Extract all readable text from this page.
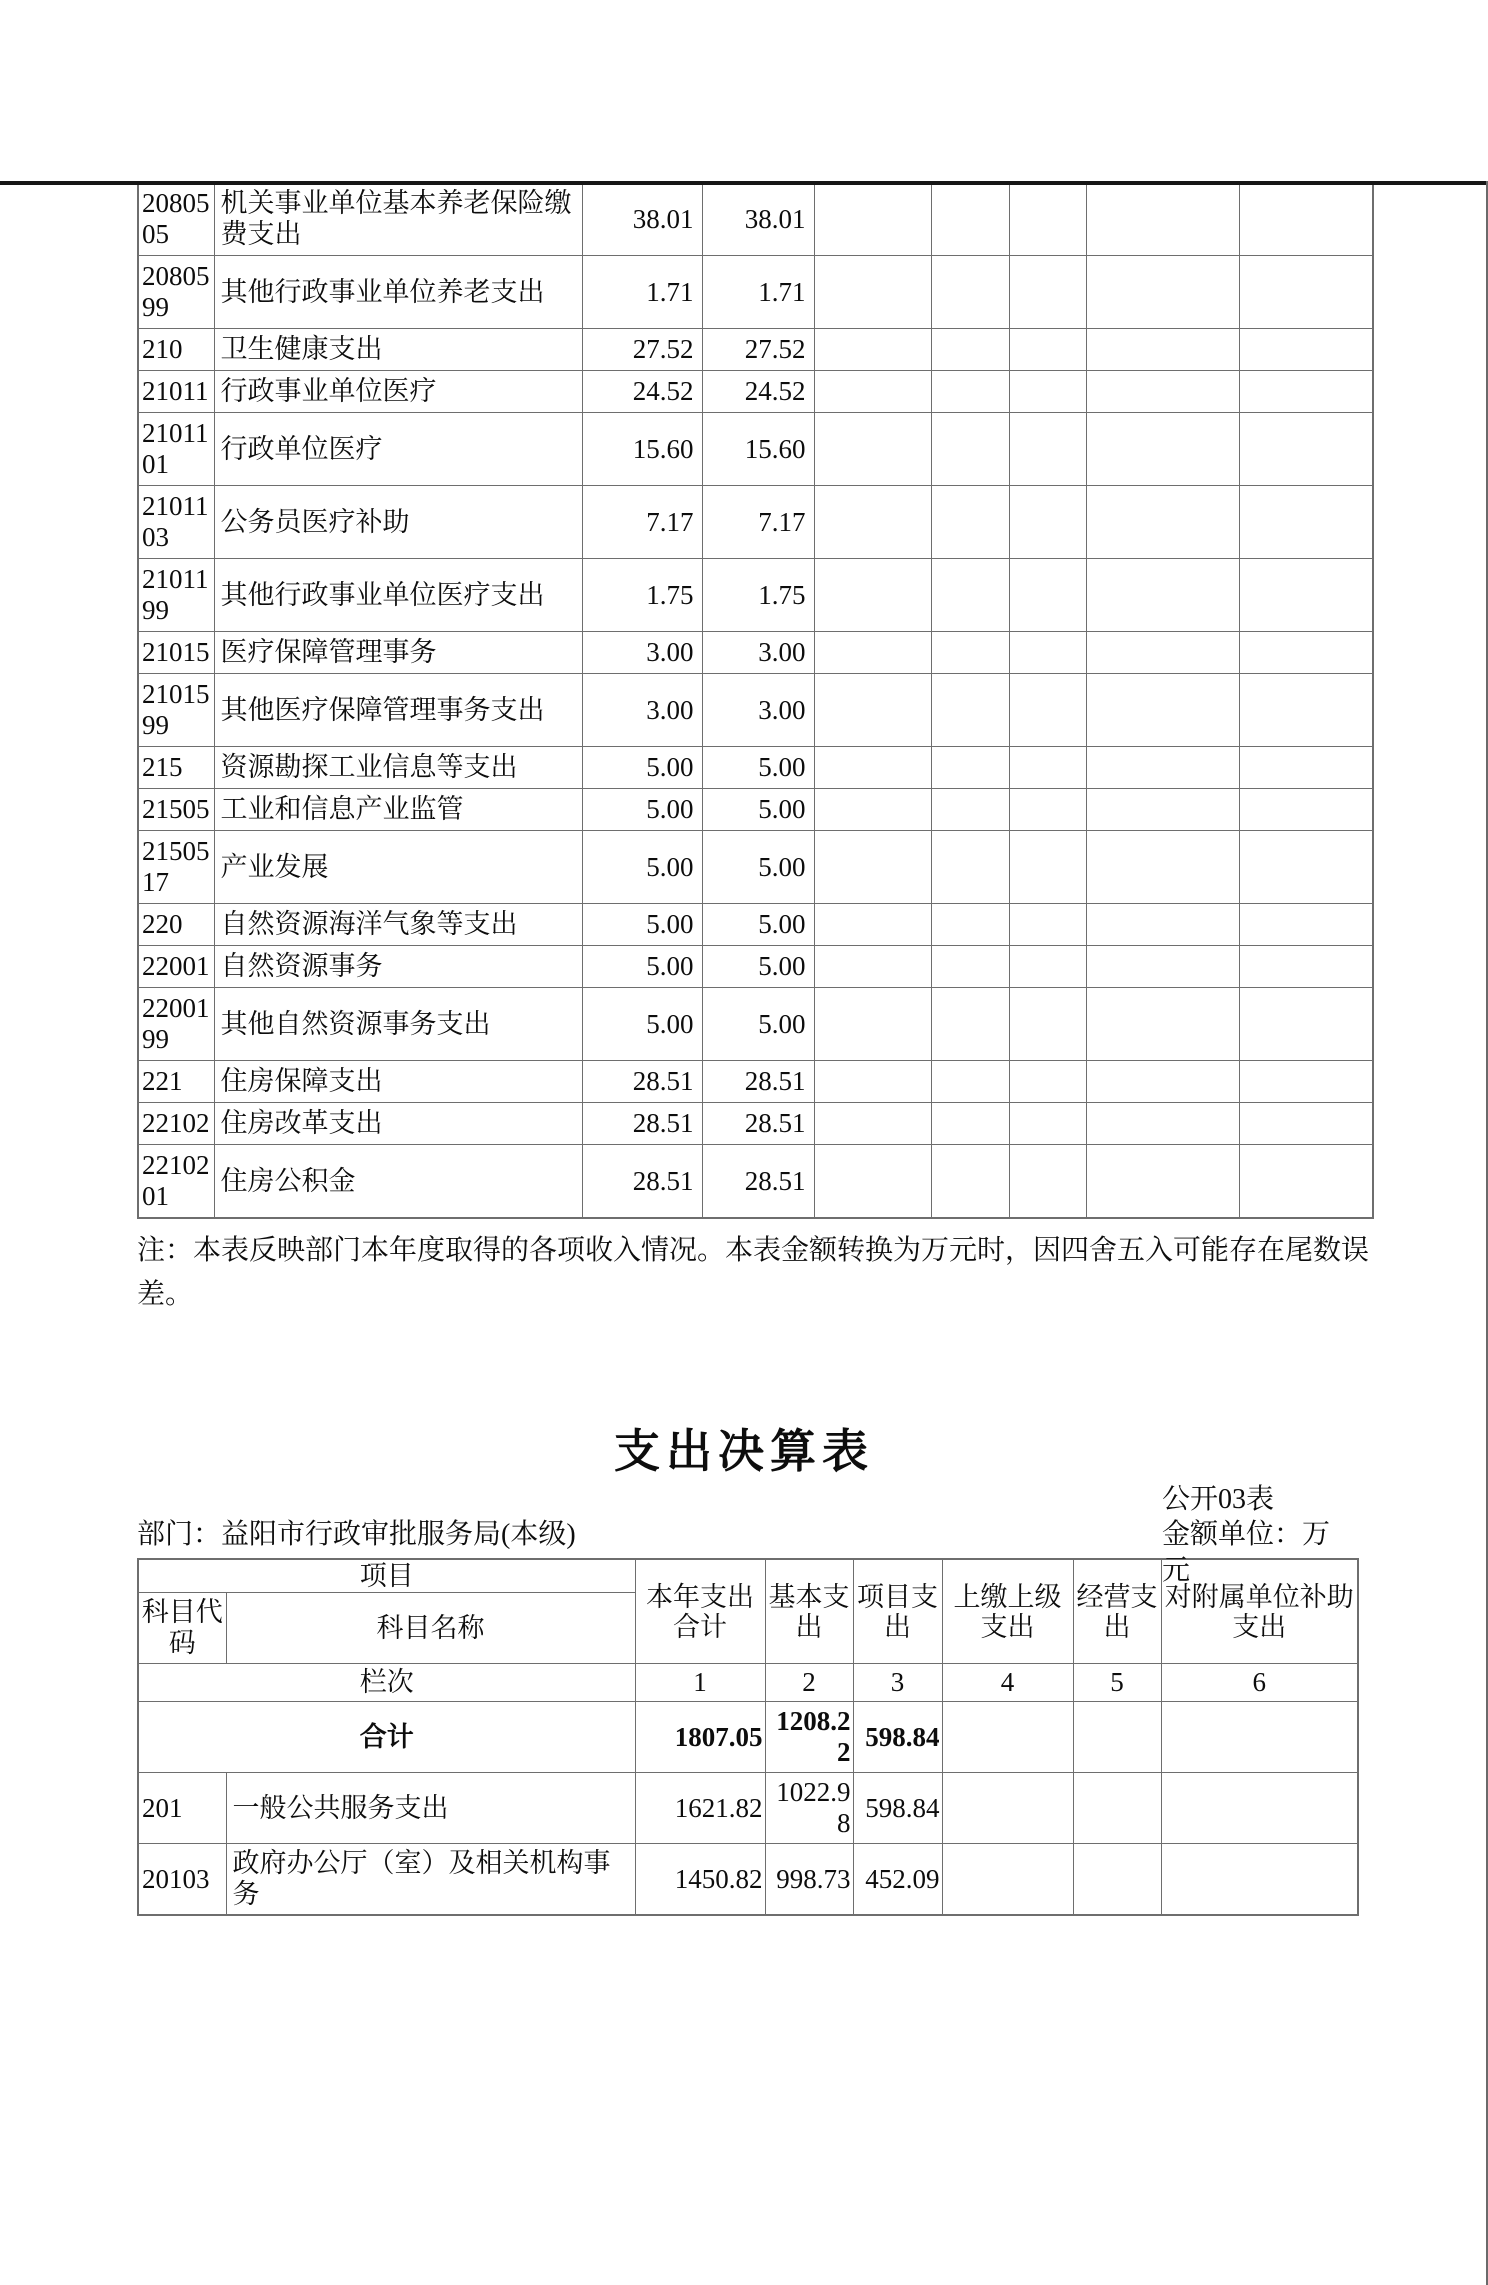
2080505	机关事业单位基本养老保险缴费支出	38.01	38.01					
2080599	其他行政事业单位养老支出	1.71	1.71					
210	卫生健康支出	27.52	27.52					
21011	行政事业单位医疗	24.52	24.52					
2101101	行政单位医疗	15.60	15.60					
2101103	公务员医疗补助	7.17	7.17					
2101199	其他行政事业单位医疗支出	1.75	1.75					
21015	医疗保障管理事务	3.00	3.00					
2101599	其他医疗保障管理事务支出	3.00	3.00					
215	资源勘探工业信息等支出	5.00	5.00					
21505	工业和信息产业监管	5.00	5.00					
2150517	产业发展	5.00	5.00					
220	自然资源海洋气象等支出	5.00	5.00					
22001	自然资源事务	5.00	5.00					
2200199	其他自然资源事务支出	5.00	5.00					
221	住房保障支出	28.51	28.51					
22102	住房改革支出	28.51	28.51					
2210201	住房公积金	28.51	28.51					
注：本表反映部门本年度取得的各项收入情况。本表金额转换为万元时，因四舍五入可能存在尾数误差。
支出决算表
公开03表
部门：益阳市行政审批服务局(本级)	金额单位：万元
项目		本年支出合计	基本支出	项目支出	上缴上级支出	经营支出	对附属单位补助支出
科目代码	科目名称						
栏次		1	2	3	4	5	6
合计		1807.05	1208.22	598.84			
201	一般公共服务支出	1621.82	1022.98	598.84			
20103	政府办公厅（室）及相关机构事务	1450.82	998.73	452.09			
